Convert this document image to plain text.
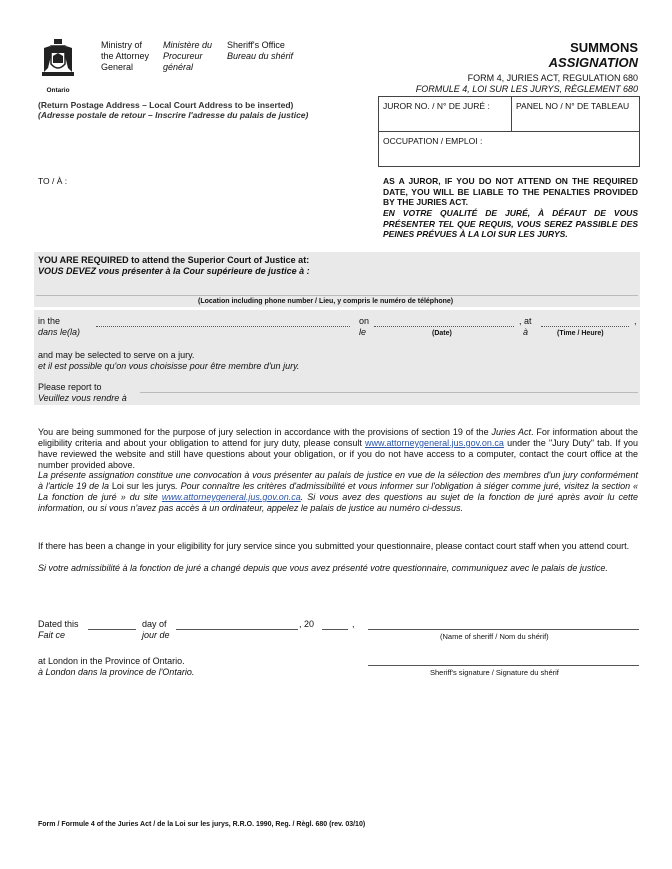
Ontario
Ministry of
the Attorney
General
Ministère du
Procureur
général
Sheriff's Office
Bureau du shérif
SUMMONS
ASSIGNATION
FORM 4, JURIES ACT, REGULATION 680
FORMULE 4, LOI SUR LES JURYS, RÈGLEMENT 680
(Return Postage Address – Local Court Address to be inserted)
(Adresse postale de retour – Inscrire l'adresse du palais de justice)
JUROR NO. / N° DE JURÉ :	PANEL NO / N° DE TABLEAU
OCCUPATION / EMPLOI :
TO / À :	AS A JUROR, IF YOU DO NOT ATTEND ON THE REQUIRED DATE, YOU WILL BE LIABLE TO THE PENALTIES PROVIDED BY THE JURIES ACT.
EN VOTRE QUALITÉ DE JURÉ, À DÉFAUT DE VOUS PRÉSENTER TEL QUE REQUIS, VOUS SEREZ PASSIBLE DES PEINES PRÉVUES À LA LOI SUR LES JURYS.
YOU ARE REQUIRED to attend the Superior Court of Justice at:
VOUS DEVEZ vous présenter à la Cour supérieure de justice à :
(Location including phone number / Lieu, y compris le numéro de téléphone)
in the
dans le(la)
on
le	(Date)
, at
à	(Time / Heure)
,
and may be selected to serve on a jury.
et il est possible qu'on vous choisisse pour être membre d'un jury.
Please report to
Veuillez vous rendre à
You are being summoned for the purpose of jury selection in accordance with the provisions of section 19 of the Juries Act. For information about the eligibility criteria and about your obligation to attend for jury duty, please consult www.attorneygeneral.jus.gov.on.ca under the "Jury Duty" tab. If you have reviewed the website and still have questions about your obligation, or if you do not have access to a computer, contact the court office at the number provided above.
La présente assignation constitue une convocation à vous présenter au palais de justice en vue de la sélection des membres d'un jury conformément à l'article 19 de la Loi sur les jurys. Pour connaître les critères d'admissibilité et vous informer sur l'obligation à siéger comme juré, visitez la section « La fonction de juré » du site www.attorneygeneral.jus.gov.on.ca. Si vous avez des questions au sujet de la fonction de juré après avoir lu cette information, ou si vous n'avez pas accès à un ordinateur, appelez le palais de justice au numéro ci-dessus.
If there has been a change in your eligibility for jury service since you submitted your questionnaire, please contact court staff when you attend court.
Si votre admissibilité à la fonction de juré a changé depuis que vous avez présenté votre questionnaire, communiquez avec le palais de justice.
Dated this
Fait ce
day of
jour de
, 20	,
(Name of sheriff / Nom du shérif)
at London in the Province of Ontario.
à London dans la province de l'Ontario.	Sheriff's signature / Signature du shérif
Form / Formule 4 of the Juries Act / de la Loi sur les jurys, R.R.O. 1990, Reg. / Règl. 680 (rev. 03/10)
